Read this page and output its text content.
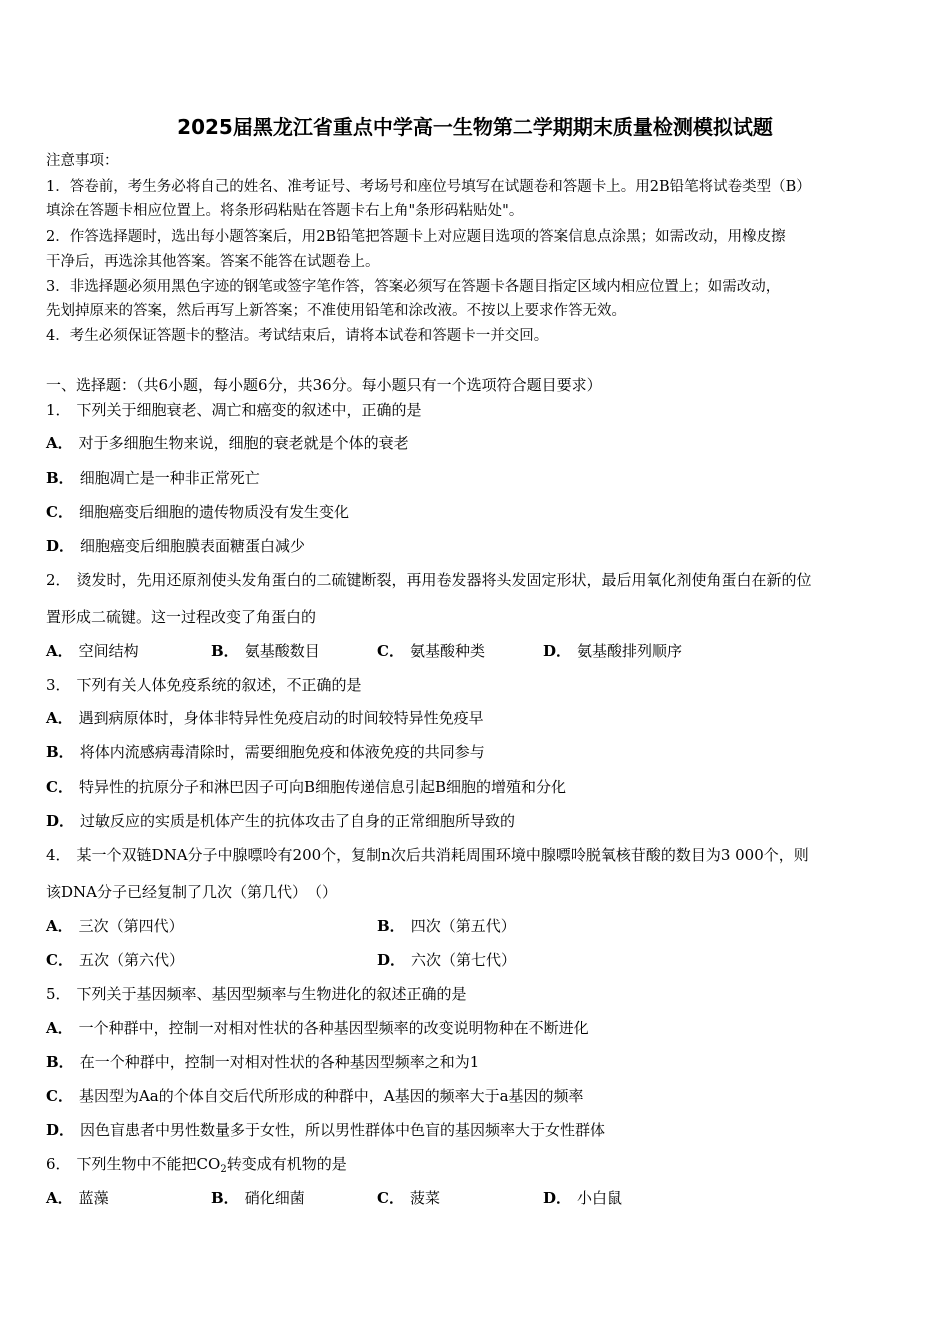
2025届黑龙江省重点中学高一生物第二学期期末质量检测模拟试题
注意事项：
1．答卷前，考生务必将自己的姓名、准考证号、考场号和座位号填写在试题卷和答题卡上。用2B铅笔将试卷类型（B）
填涂在答题卡相应位置上。将条形码粘贴在答题卡右上角"条形码粘贴处"。
2．作答选择题时，选出每小题答案后，用2B铅笔把答题卡上对应题目选项的答案信息点涂黑；如需改动，用橡皮擦
干净后，再选涂其他答案。答案不能答在试题卷上。
3．非选择题必须用黑色字迹的钢笔或签字笔作答，答案必须写在答题卡各题目指定区域内相应位置上；如需改动，
先划掉原来的答案，然后再写上新答案；不准使用铅笔和涂改液。不按以上要求作答无效。
4．考生必须保证答题卡的整洁。考试结束后，请将本试卷和答题卡一并交回。
一、选择题：（共6小题，每小题6分，共36分。每小题只有一个选项符合题目要求）
1． 下列关于细胞衰老、凋亡和癌变的叙述中，正确的是
A． 对于多细胞生物来说，细胞的衰老就是个体的衰老
B． 细胞凋亡是一种非正常死亡
C． 细胞癌变后细胞的遗传物质没有发生变化
D． 细胞癌变后细胞膜表面糖蛋白减少
2． 烫发时，先用还原剂使头发角蛋白的二硫键断裂，再用卷发器将头发固定形状，最后用氧化剂使角蛋白在新的位
置形成二硫键。这一过程改变了角蛋白的
A． 空间结构	B． 氨基酸数目	C． 氨基酸种类	D． 氨基酸排列顺序
3． 下列有关人体免疫系统的叙述，不正确的是
A． 遇到病原体时，身体非特异性免疫启动的时间较特异性免疫早
B． 将体内流感病毒清除时，需要细胞免疫和体液免疫的共同参与
C． 特异性的抗原分子和淋巴因子可向B细胞传递信息引起B细胞的增殖和分化
D． 过敏反应的实质是机体产生的抗体攻击了自身的正常细胞所导致的
4． 某一个双链DNA分子中腺嘌呤有200个，复制n次后共消耗周围环境中腺嘌呤脱氧核苷酸的数目为3 000个，则
该DNA分子已经复制了几次（第几代）　（）
A． 三次（第四代）	B． 四次（第五代）
C． 五次（第六代）	D． 六次（第七代）
5． 下列关于基因频率、基因型频率与生物进化的叙述正确的是
A． 一个种群中，控制一对相对性状的各种基因型频率的改变说明物种在不断进化
B． 在一个种群中，控制一对相对性状的各种基因型频率之和为1
C． 基因型为Aa的个体自交后代所形成的种群中，A基因的频率大于a基因的频率
D． 因色盲患者中男性数量多于女性，所以男性群体中色盲的基因频率大于女性群体
6． 下列生物中不能把$CO_2$转变成有机物的是
A． 蓝藻	B． 硝化细菌	C． 菠菜	D． 小白鼠
